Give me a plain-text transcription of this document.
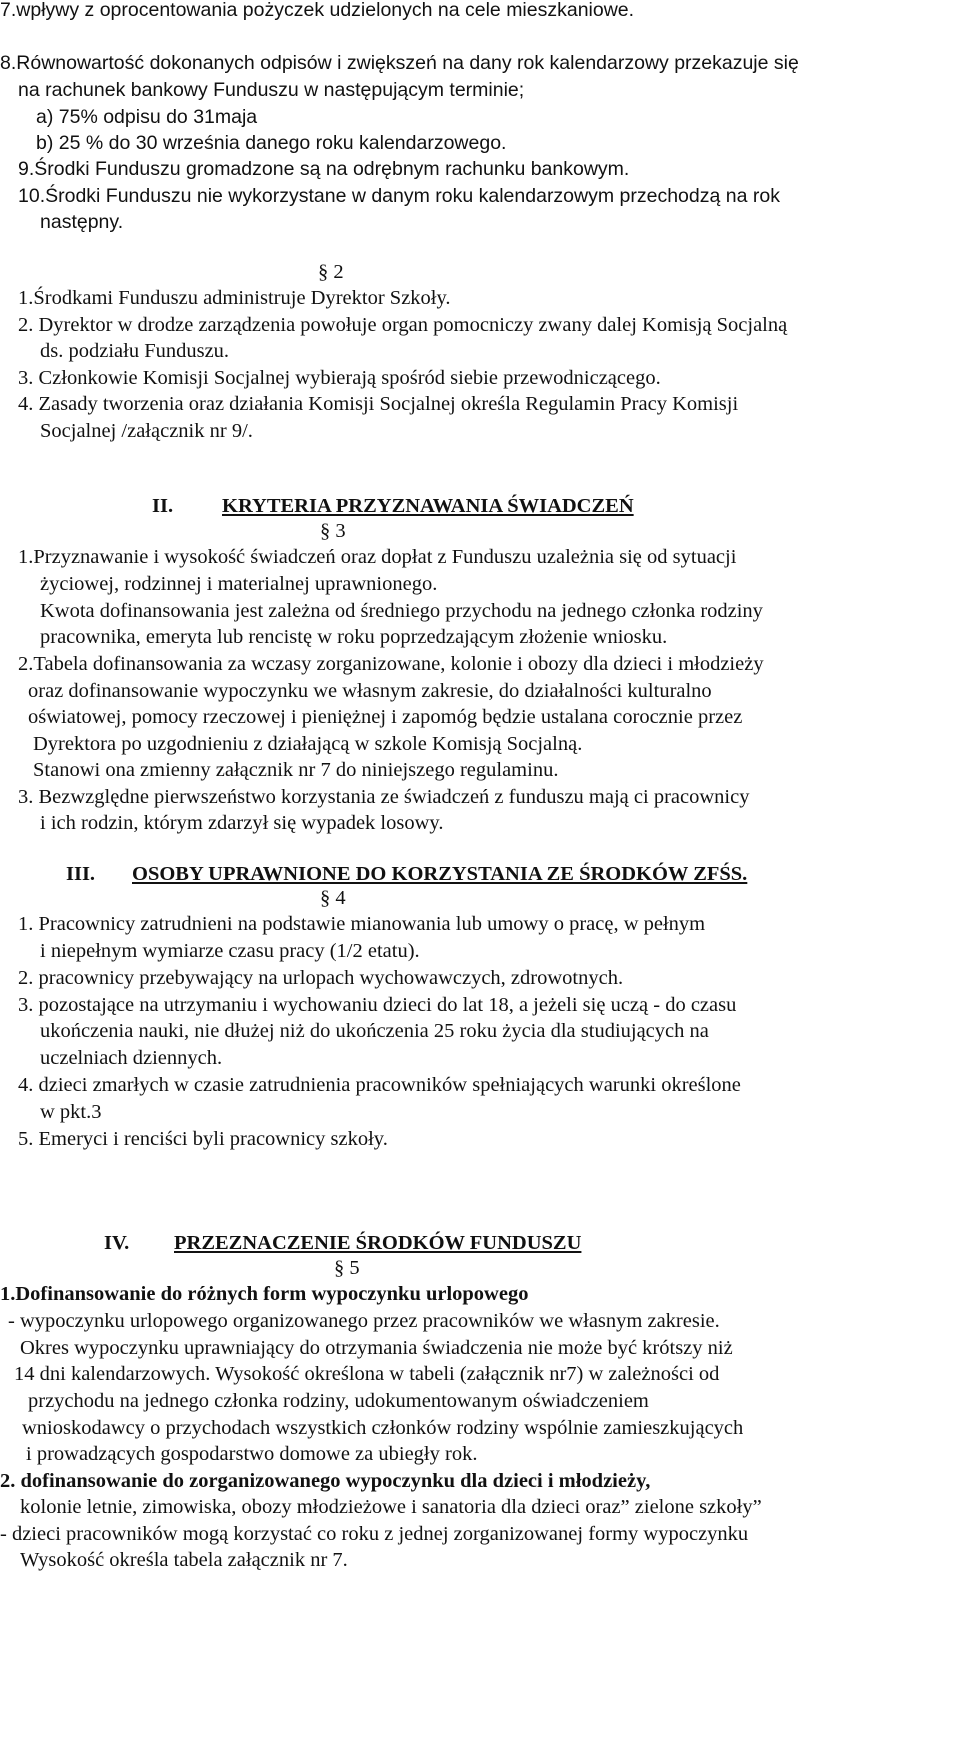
7.wpływy z oprocentowania pożyczek udzielonych na cele mieszkaniowe.
8.Równowartość dokonanych odpisów i zwiększeń na dany rok kalendarzowy przekazuje się
na rachunek bankowy Funduszu w następującym terminie;
a) 75% odpisu do 31maja
b) 25 % do 30 września danego roku kalendarzowego.
9.Środki Funduszu gromadzone są na odrębnym rachunku bankowym.
10.Środki Funduszu nie wykorzystane w danym roku kalendarzowym przechodzą na rok
następny.
§ 2
1.Środkami Funduszu administruje Dyrektor Szkoły.
2. Dyrektor w drodze zarządzenia powołuje organ pomocniczy zwany dalej Komisją Socjalną
ds. podziału Funduszu.
3. Członkowie Komisji Socjalnej wybierają spośród siebie przewodniczącego.
4. Zasady tworzenia oraz działania Komisji Socjalnej określa Regulamin Pracy Komisji
Socjalnej /załącznik nr 9/.
II. KRYTERIA PRZYZNAWANIA ŚWIADCZEŃ
§ 3
1.Przyznawanie i wysokość świadczeń oraz dopłat z Funduszu uzależnia się od sytuacji
życiowej, rodzinnej i materialnej uprawnionego.
Kwota dofinansowania jest zależna od średniego przychodu na jednego członka rodziny
pracownika, emeryta lub rencistę w roku poprzedzającym złożenie wniosku.
2.Tabela dofinansowania za wczasy zorganizowane, kolonie i obozy dla dzieci i młodzieży
oraz dofinansowanie wypoczynku we własnym zakresie, do działalności kulturalno
oświatowej, pomocy rzeczowej i pieniężnej i zapomóg będzie ustalana corocznie przez
Dyrektora po uzgodnieniu z działającą w szkole Komisją Socjalną.
Stanowi ona zmienny załącznik nr 7 do niniejszego regulaminu.
3. Bezwzględne pierwszeństwo korzystania ze świadczeń z funduszu mają ci pracownicy
i ich rodzin, którym zdarzył się wypadek losowy.
III. OSOBY UPRAWNIONE DO KORZYSTANIA ZE ŚRODKÓW ZFŚS.
§ 4
1. Pracownicy zatrudnieni na podstawie mianowania lub umowy o pracę, w pełnym
i niepełnym wymiarze czasu pracy (1/2 etatu).
2. pracownicy przebywający na urlopach wychowawczych, zdrowotnych.
3. pozostające na utrzymaniu i wychowaniu dzieci do lat 18, a jeżeli się uczą - do czasu
ukończenia nauki, nie dłużej niż do ukończenia 25 roku życia dla studiujących na
uczelniach dziennych.
4. dzieci zmarłych w czasie zatrudnienia pracowników spełniających warunki określone
w pkt.3
5. Emeryci i renciści byli pracownicy szkoły.
IV. PRZEZNACZENIE ŚRODKÓW FUNDUSZU
§ 5
1.Dofinansowanie do różnych form wypoczynku urlopowego
- wypoczynku urlopowego organizowanego przez pracowników we własnym zakresie.
Okres wypoczynku uprawniający do otrzymania świadczenia nie może być krótszy niż
14 dni kalendarzowych. Wysokość określona w tabeli (załącznik nr7) w zależności od
przychodu na jednego członka rodziny, udokumentowanym oświadczeniem
wnioskodawcy o przychodach wszystkich członków rodziny wspólnie zamieszkujących
i prowadzących gospodarstwo domowe za ubiegły rok.
2. dofinansowanie do zorganizowanego wypoczynku dla dzieci i młodzieży,
kolonie letnie, zimowiska, obozy młodzieżowe i sanatoria dla dzieci oraz” zielone szkoły”
- dzieci pracowników mogą korzystać co roku z jednej zorganizowanej formy wypoczynku
Wysokość określa tabela załącznik nr 7.
